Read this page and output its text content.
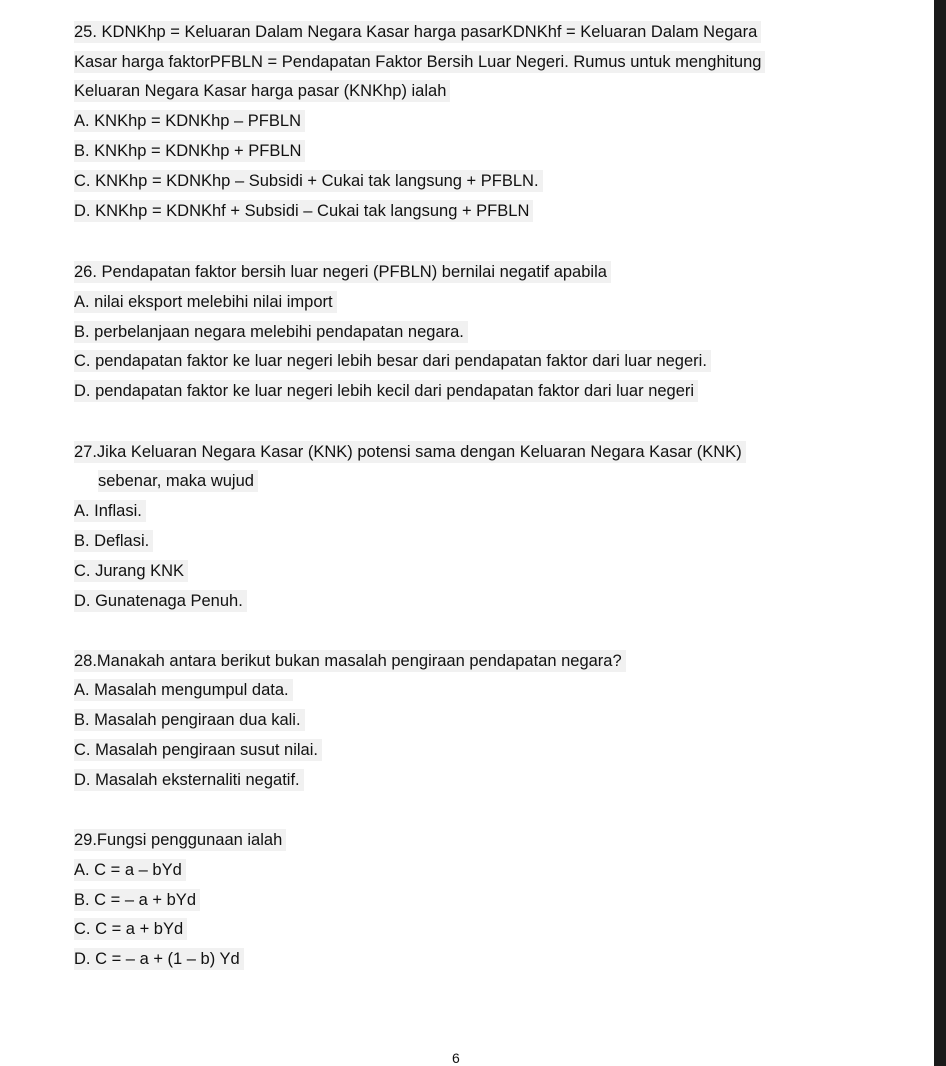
25. KDNKhp = Keluaran Dalam Negara Kasar harga pasarKDNKhf = Keluaran Dalam Negara
Kasar harga faktorPFBLN = Pendapatan Faktor Bersih Luar Negeri. Rumus untuk menghitung
Keluaran Negara Kasar harga pasar (KNKhp) ialah
A. KNKhp = KDNKhp – PFBLN
B. KNKhp = KDNKhp + PFBLN
C. KNKhp = KDNKhp – Subsidi + Cukai tak langsung + PFBLN.
D. KNKhp = KDNKhf + Subsidi – Cukai tak langsung + PFBLN
26. Pendapatan faktor bersih luar negeri (PFBLN) bernilai negatif apabila
A. nilai eksport melebihi nilai import
B. perbelanjaan negara melebihi pendapatan negara.
C. pendapatan faktor ke luar negeri lebih besar dari pendapatan faktor dari luar negeri.
D. pendapatan faktor ke luar negeri lebih kecil dari pendapatan faktor dari luar negeri
27.Jika Keluaran Negara Kasar (KNK) potensi sama dengan Keluaran Negara Kasar (KNK)
sebenar, maka wujud
A. Inflasi.
B. Deflasi.
C. Jurang KNK
D. Gunatenaga Penuh.
28.Manakah antara berikut bukan masalah pengiraan pendapatan negara?
A. Masalah mengumpul data.
B. Masalah pengiraan dua kali.
C. Masalah pengiraan susut nilai.
D. Masalah eksternaliti negatif.
29.Fungsi penggunaan ialah
A. C = a – bYd
B. C = – a + bYd
C. C = a + bYd
D. C = – a + (1 – b) Yd
6
